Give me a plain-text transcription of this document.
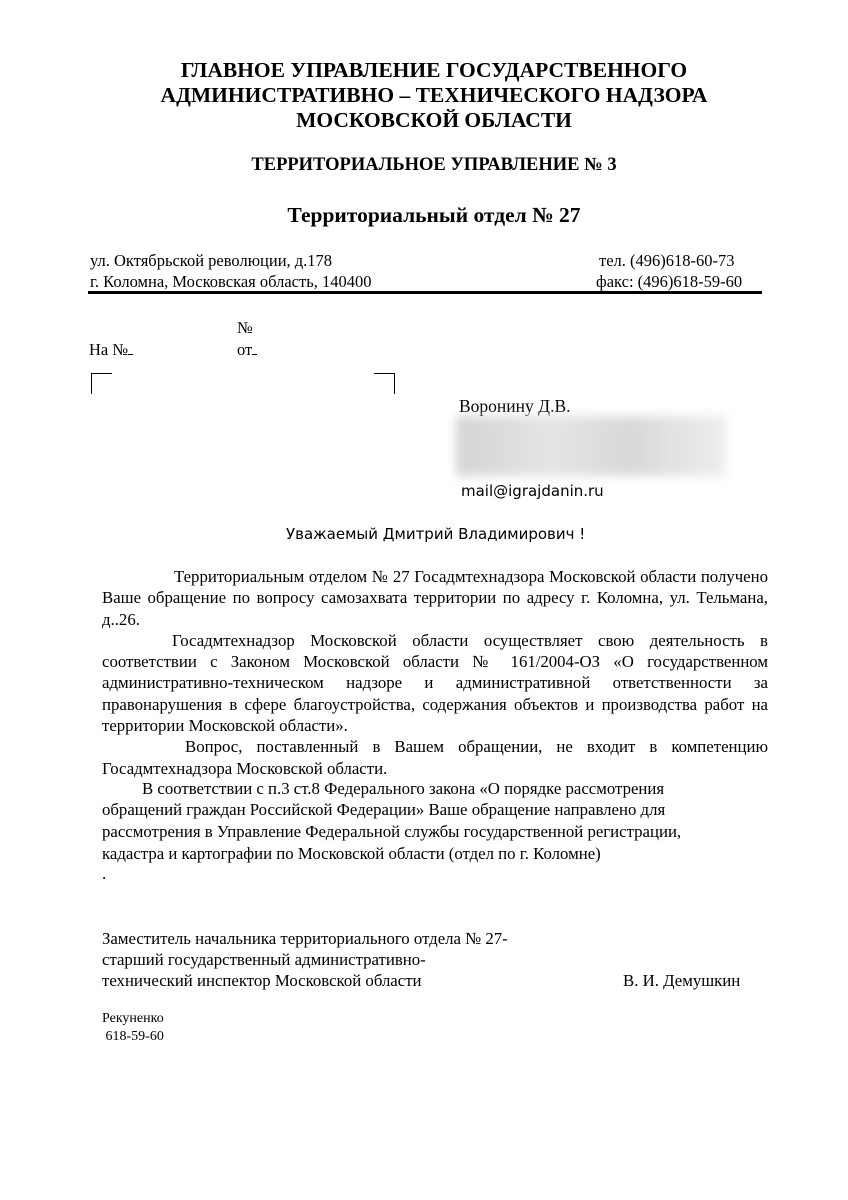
ГЛАВНОЕ УПРАВЛЕНИЕ ГОСУДАРСТВЕННОГО
АДМИНИСТРАТИВНО – ТЕХНИЧЕСКОГО НАДЗОРА
МОСКОВСКОЙ ОБЛАСТИ
ТЕРРИТОРИАЛЬНОЕ УПРАВЛЕНИЕ № 3
Территориальный отдел № 27
ул. Октябрьской революции, д.178
г. Коломна, Московская область, 140400
тел. (496)618-60-73
факс: (496)618-59-60
№
На №	от
Воронину Д.В.
mail@igrajdanin.ru
Уважаемый Дмитрий Владимирович !

Территориальным отделом № 27 Госадмтехнадзора Московской области получено Ваше обращение по вопросу самозахвата территории по адресу г. Коломна, ул. Тельмана, д..26.

Госадмтехнадзор Московской области осуществляет свою деятельность в соответствии с Законом Московской области № 161/2004-ОЗ «О государственном административно-техническом надзоре и административной ответственности за правонарушения в сфере благоустройства, содержания объектов и производства работ на территории Московской области».

Вопрос, поставленный в Вашем обращении, не входит в компетенцию Госадмтехнадзора Московской области.

В соответствии с п.3 ст.8 Федерального закона «О порядке рассмотрения
обращений граждан Российской Федерации» Ваше обращение направлено для
рассмотрения в Управление Федеральной службы государственной регистрации,
кадастра и картографии по Московской области (отдел по г. Коломне)
.
Заместитель начальника территориального отдела № 27-
старший государственный административно-
технический инспектор Московской области	В. И. Демушкин
Рекуненко
618-59-60
